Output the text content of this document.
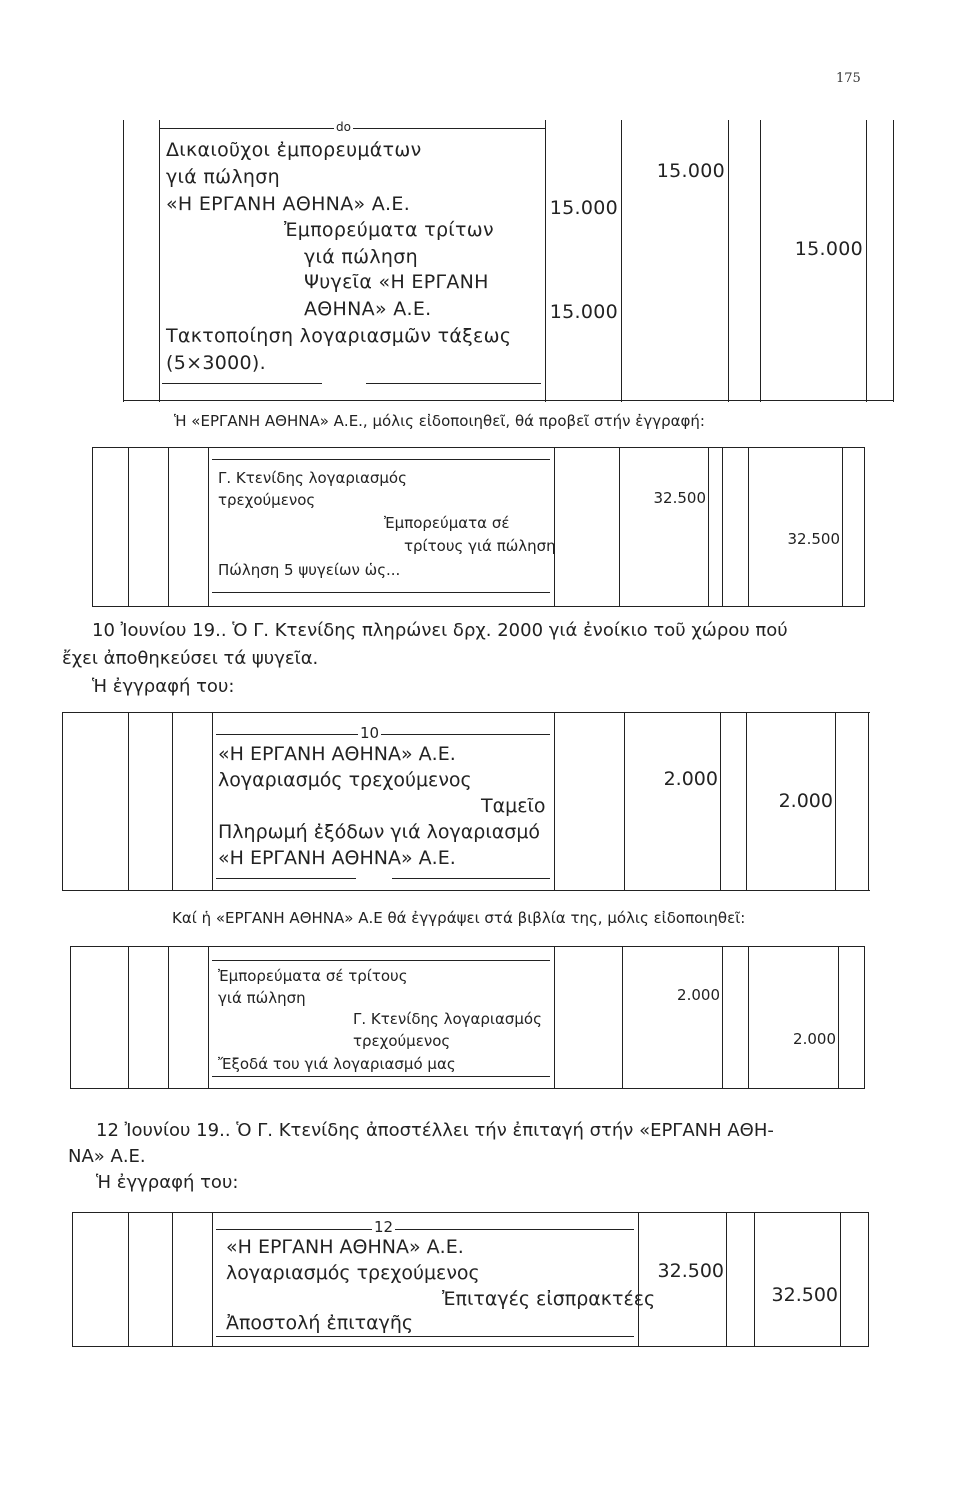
175
do
Δικαιοῦχοι ἐμπορευμάτων
γιά πώληση
«Η ΕΡΓΑΝΗ ΑΘΗΝΑ» Α.Ε.
Ἐμπορεύματα τρίτων
γιά πώληση
Ψυγεῖα «Η ΕΡΓΑΝΗ
ΑΘΗΝΑ» Α.Ε.
Τακτοποίηση λογαριασμῶν τάξεως
(5×3000).
15.000
15.000
15.000
15.000
Ἡ «ΕΡΓΑΝΗ ΑΘΗΝΑ» Α.Ε., μόλις εἰδοποιηθεῖ, θά προβεῖ στήν ἐγγραφή:
Γ. Κτενίδης λογαριασμός
τρεχούμενος
Ἐμπορεύματα σέ
τρίτους γιά πώληση
Πώληση 5 ψυγείων ὡς...
32.500
32.500
10 Ἰουνίου 19.. Ὁ Γ. Κτενίδης πληρώνει δρχ. 2000 γιά ἐνοίκιο τοῦ χώρου πού
ἔχει ἀποθηκεύσει τά ψυγεῖα.
Ἡ ἐγγραφή του:
10
«Η ΕΡΓΑΝΗ ΑΘΗΝΑ» Α.Ε.
λογαριασμός τρεχούμενος
Ταμεῖο
Πληρωμή ἐξόδων γιά λογαριασμό
«Η ΕΡΓΑΝΗ ΑΘΗΝΑ» Α.Ε.
2.000
2.000
Καί ἡ «ΕΡΓΑΝΗ ΑΘΗΝΑ» Α.Ε θά ἐγγράψει στά βιβλία της, μόλις εἰδοποιηθεῖ:
Ἐμπορεύματα σέ τρίτους
γιά πώληση
Γ. Κτενίδης λογαριασμός
τρεχούμενος
Ἔξοδά του γιά λογαριασμό μας
2.000
2.000
12 Ἰουνίου 19.. Ὁ Γ. Κτενίδης ἀποστέλλει τήν ἐπιταγή στήν «ΕΡΓΑΝΗ ΑΘΗ-
ΝΑ» Α.Ε.
Ἡ ἐγγραφή του:
12
«Η ΕΡΓΑΝΗ ΑΘΗΝΑ» Α.Ε.
λογαριασμός τρεχούμενος
Ἐπιταγές εἰσπρακτέες
Ἀποστολή ἐπιταγῆς
32.500
32.500
